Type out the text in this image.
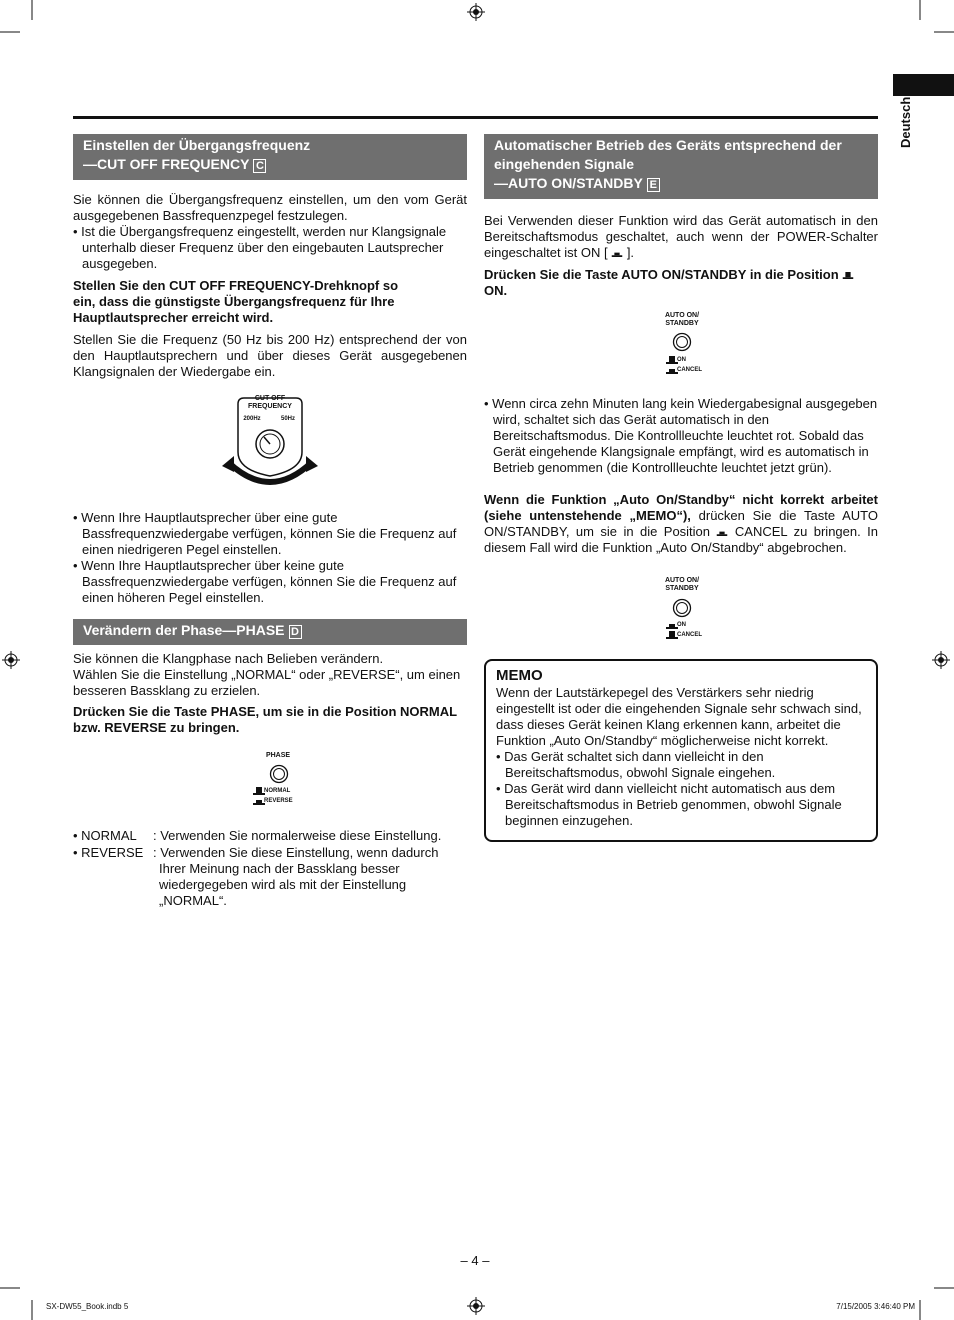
Deutsch
Einstellen der Übergangsfrequenz
—CUT OFF FREQUENCY C

Sie können die Übergangsfrequenz einstellen, um den vom Gerät ausgegebenen Bassfrequenzpegel festzulegen.

• Ist die Übergangsfrequenz eingestellt, werden nur Klangsignale unterhalb dieser Frequenz über den eingebauten Lautsprecher ausgegeben.

Stellen Sie den CUT OFF FREQUENCY-Drehknopf so ein, dass die günstigste Übergangsfrequenz für Ihre Hauptlautsprecher erreicht wird.

Stellen Sie die Frequenz (50 Hz bis 200 Hz) entsprechend der von den Hauptlautsprechern und über dieses Gerät ausgegebenen Klangsignalen der Wiedergabe ein.

CUT OFF FREQUENCY
200Hz	50Hz

• Wenn Ihre Hauptlautsprecher über eine gute Bassfrequenzwiedergabe verfügen, können Sie die Frequenz auf einen niedrigeren Pegel einstellen.

• Wenn Ihre Hauptlautsprecher über keine gute Bassfrequenzwiedergabe verfügen, können Sie die Frequenz auf einen höheren Pegel einstellen.

Verändern der Phase—PHASE D

Sie können die Klangphase nach Belieben verändern.

Wählen Sie die Einstellung „NORMAL“ oder „REVERSE“, um einen besseren Bassklang zu erzielen.

Drücken Sie die Taste PHASE, um sie in die Position NORMAL bzw. REVERSE zu bringen.

PHASE
NORMAL
REVERSE
• NORMAL	: Verwenden Sie normalerweise diese Einstellung.
• REVERSE : Verwenden Sie diese Einstellung, wenn dadurch Ihrer Meinung nach der Bassklang besser wiedergegeben wird als mit der Einstellung „NORMAL“.
Automatischer Betrieb des Geräts entsprechend der
eingehenden Signale
—AUTO ON/STANDBY E

Bei Verwenden dieser Funktion wird das Gerät automatisch in den Bereitschaftsmodus geschaltet, auch wenn der POWER-Schalter eingeschaltet ist ON [ ].

Drücken Sie die Taste AUTO ON/STANDBY in die Position
ON.

AUTO ON/
STANDBY
ON
CANCEL

• Wenn circa zehn Minuten lang kein Wiedergabesignal ausgegeben wird, schaltet sich das Gerät automatisch in den Bereitschaftsmodus. Die Kontrollleuchte leuchtet rot. Sobald das Gerät eingehende Klangsignale empfängt, wird es automatisch in Betrieb genommen (die Kontrollleuchte leuchtet jetzt grün).

Wenn die Funktion „Auto On/Standby“ nicht korrekt arbeitet (siehe untenstehende „MEMO“), drücken Sie die Taste AUTO ON/STANDBY, um sie in die Position CANCEL zu bringen. In diesem Fall wird die Funktion „Auto On/Standby“ abgebrochen.

AUTO ON/
STANDBY
ON
CANCEL
MEMO

Wenn der Lautstärkepegel des Verstärkers sehr niedrig eingestellt ist oder die eingehenden Signale sehr schwach sind, dass dieses Gerät keinen Klang erkennen kann, arbeitet die Funktion „Auto On/Standby“ möglicherweise nicht korrekt.

• Das Gerät schaltet sich dann vielleicht in den Bereitschaftsmodus, obwohl Signale eingehen.

• Das Gerät wird dann vielleicht nicht automatisch aus dem Bereitschaftsmodus in Betrieb genommen, obwohl Signale beginnen einzugehen.

– 4 –
SX-DW55_Book.indb 5	7/15/2005 3:46:40 PM
